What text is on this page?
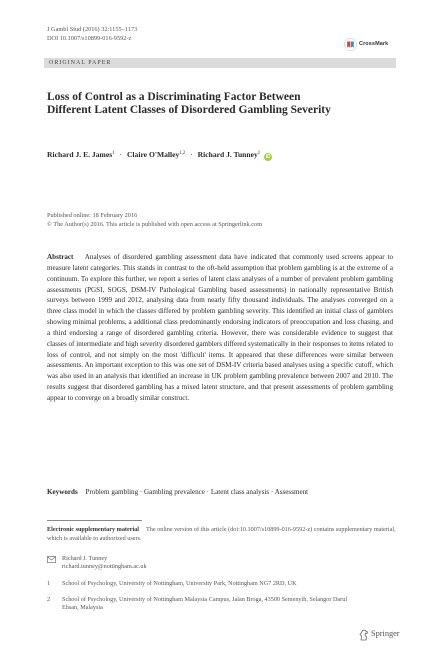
J Gambl Stud (2016) 32:1155–1173
DOI 10.1007/s10899-016-9592-z
CrossMark
ORIGINAL PAPER
Loss of Control as a Discriminating Factor Between Different Latent Classes of Disordered Gambling Severity
Richard J. E. James$^1$ · Claire O'Malley$^{1,2}$ · Richard J. Tunney$^1$ iD
Published online: 18 February 2016
© The Author(s) 2016. This article is published with open access at Springerlink.com
Abstract Analyses of disordered gambling assessment data have indicated that commonly used screens appear to measure latent categories. This stands in contrast to the oft-held assumption that problem gambling is at the extreme of a continuum. To explore this further, we report a series of latent class analyses of a number of prevalent problem gambling assessments (PGSI, SOGS, DSM-IV Pathological Gambling based assessments) in nationally representative British surveys between 1999 and 2012, analysing data from nearly fifty thousand individuals. The analyses converged on a three class model in which the classes differed by problem gambling severity. This identified an initial class of gamblers showing minimal problems, a additional class predominantly endorsing indicators of preoccupation and loss chasing, and a third endorsing a range of disordered gambling criteria. However, there was considerable evidence to suggest that classes of intermediate and high severity disordered gamblers differed systematically in their responses to items related to loss of control, and not simply on the most 'difficult' items. It appeared that these differences were similar between assessments. An important exception to this was one set of DSM-IV criteria based analyses using a specific cutoff, which was also used in an analysis that identified an increase in UK problem gambling prevalence between 2007 and 2010. The results suggest that disordered gambling has a mixed latent structure, and that present assessments of problem gambling appear to converge on a broadly similar construct.
Keywords Problem gambling · Gambling prevalence · Latent class analysis · Assessment
Electronic supplementary material The online version of this article (doi:10.1007/s10899-016-9592-z) contains supplementary material, which is available to authorized users.
Richard J. Tunney
richard.tunney@nottingham.ac.uk
1	School of Psychology, University of Nottingham, University Park, Nottingham NG7 2RD, UK
2	School of Psychology, University of Nottingham Malaysia Campus, Jalan Broga, 43500 Semenyih, Selangor Darul Ehsan, Malaysia
Springer
